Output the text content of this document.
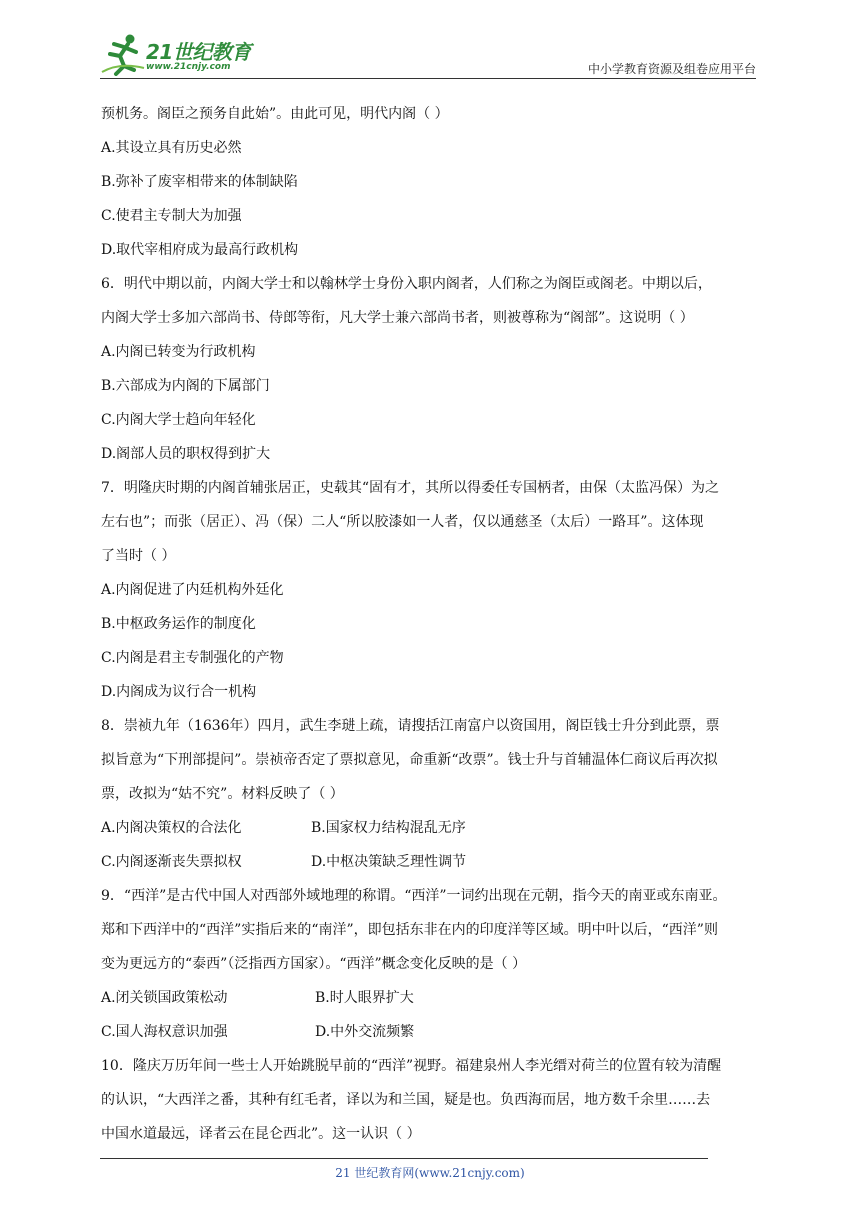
21世纪教育
www.21cnjy.com	中小学教育资源及组卷应用平台
预机务。阁臣之预务自此始”。由此可见，明代内阁（ ）
A.其设立具有历史必然
B.弥补了废宰相带来的体制缺陷
C.使君主专制大为加强
D.取代宰相府成为最高行政机构
6．明代中期以前，内阁大学士和以翰林学士身份入职内阁者，人们称之为阁臣或阁老。中期以后，
内阁大学士多加六部尚书、侍郎等衔，凡大学士兼六部尚书者，则被尊称为“阁部”。这说明（ ）
A.内阁已转变为行政机构
B.六部成为内阁的下属部门
C.内阁大学士趋向年轻化
D.阁部人员的职权得到扩大
7．明隆庆时期的内阁首辅张居正，史载其“固有才，其所以得委任专国柄者，由保（太监冯保）为之
左右也”；而张（居正）、冯（保）二人“所以胶漆如一人者，仅以通慈圣（太后）一路耳”。这体现
了当时（ ）
A.内阁促进了内廷机构外廷化
B.中枢政务运作的制度化
C.内阁是君主专制强化的产物
D.内阁成为议行合一机构
8．崇祯九年（1636年）四月，武生李琎上疏，请搜括江南富户以资国用，阁臣钱士升分到此票，票
拟旨意为“下刑部提问”。崇祯帝否定了票拟意见，命重新“改票”。钱士升与首辅温体仁商议后再次拟
票，改拟为“姑不究”。材料反映了（ ）
A.内阁决策权的合法化	B.国家权力结构混乱无序
C.内阁逐渐丧失票拟权	D.中枢决策缺乏理性调节
9．“西洋”是古代中国人对西部外域地理的称谓。“西洋”一词约出现在元朝，指今天的南亚或东南亚。
郑和下西洋中的“西洋”实指后来的“南洋”，即包括东非在内的印度洋等区域。明中叶以后，“西洋”则
变为更远方的“泰西”（泛指西方国家）。“西洋”概念变化反映的是（ ）
A.闭关锁国政策松动	B.时人眼界扩大
C.国人海权意识加强	D.中外交流频繁
10．隆庆万历年间一些士人开始跳脱早前的“西洋”视野。福建泉州人李光缙对荷兰的位置有较为清醒
的认识，“大西洋之番，其种有红毛者，译以为和兰国，疑是也。负西海而居，地方数千余里……去
中国水道最远，译者云在昆仑西北”。这一认识（ ）
21 世纪教育网(www.21cnjy.com)
